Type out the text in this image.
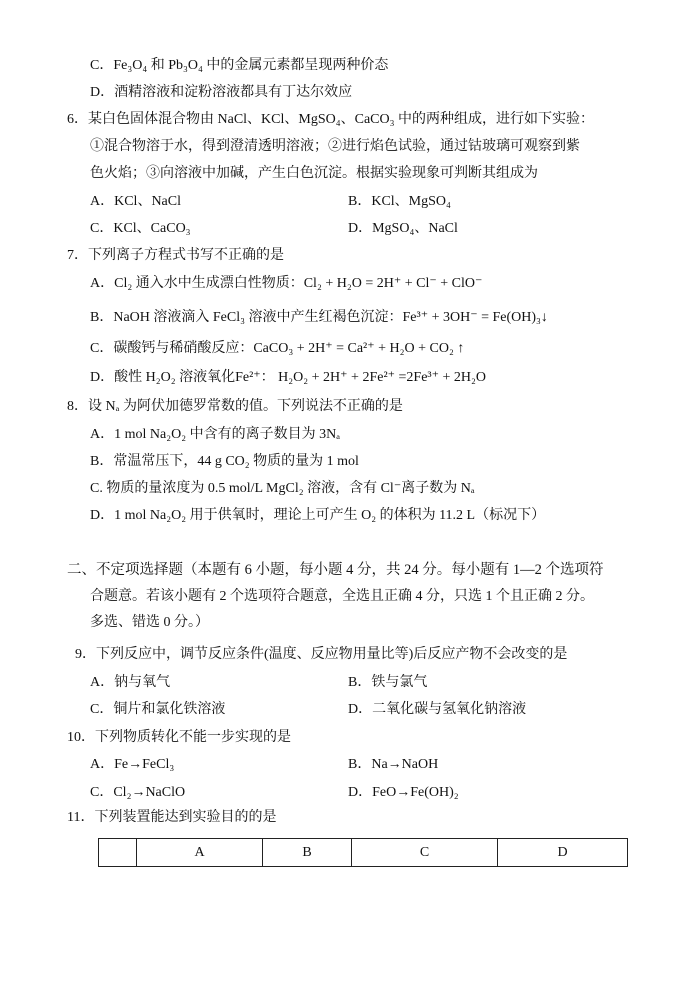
C．Fe₃O₄ 和 Pb₃O₄ 中的金属元素都呈现两种价态
D．酒精溶液和淀粉溶液都具有丁达尔效应
6．某白色固体混合物由 NaCl、KCl、MgSO₄、CaCO₃ 中的两种组成，进行如下实验：
①混合物溶于水，得到澄清透明溶液；②进行焰色试验，通过钴玻璃可观察到紫
色火焰；③向溶液中加碱，产生白色沉淀。根据实验现象可判断其组成为
A．KCl、NaCl	B．KCl、MgSO₄
C．KCl、CaCO₃	D．MgSO₄、NaCl
7．下列离子方程式书写不正确的是
A．Cl₂ 通入水中生成漂白性物质：Cl₂ + H₂O = 2H⁺ + Cl⁻ + ClO⁻
B．NaOH 溶液滴入 FeCl₃ 溶液中产生红褐色沉淀：Fe³⁺ + 3OH⁻ = Fe(OH)₃↓
C．碳酸钙与稀硝酸反应：CaCO₃ + 2H⁺ = Ca²⁺ + H₂O + CO₂ ↑
D．酸性 H₂O₂ 溶液氧化Fe²⁺： H₂O₂ + 2H⁺ + 2Fe²⁺ =2Fe³⁺ + 2H₂O
8．设 Nₐ 为阿伏加德罗常数的值。下列说法不正确的是
A．1 mol Na₂O₂ 中含有的离子数目为 3Nₐ
B．常温常压下，44 g CO₂ 物质的量为 1 mol
C. 物质的量浓度为 0.5 mol/L MgCl₂ 溶液，含有 Cl⁻离子数为 Nₐ
D．1 mol Na₂O₂ 用于供氧时，理论上可产生 O₂ 的体积为 11.2 L（标况下）
二、不定项选择题（本题有 6 小题，每小题 4 分，共 24 分。每小题有 1—2 个选项符
合题意。若该小题有 2 个选项符合题意，全选且正确 4 分，只选 1 个且正确 2 分。
多选、错选 0 分。）
9．下列反应中，调节反应条件(温度、反应物用量比等)后反应产物不会改变的是
A．钠与氧气	B．铁与氯气
C．铜片和氯化铁溶液	D．二氧化碳与氢氧化钠溶液
10．下列物质转化不能一步实现的是
A．Fe→FeCl₃	B．Na→NaOH
C．Cl₂→NaClO	D．FeO→Fe(OH)₂
11．下列装置能达到实验目的的是
	A	B	C	D
